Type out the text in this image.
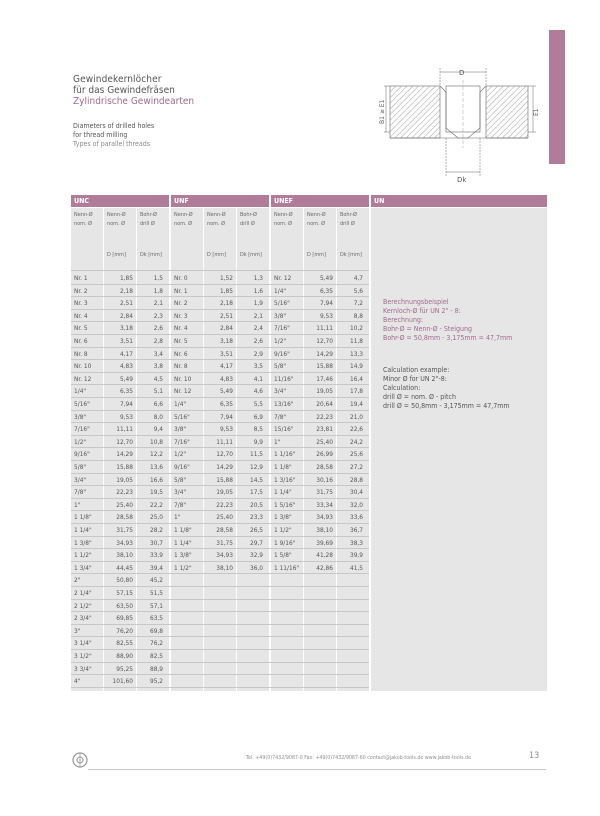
Gewindekernlöcher
für das Gewindefräsen
Zylindrische Gewindearten
Diameters of drilled holes
for thread milling
Types of parallel threads
D
B1 ≥ E1	E1
Dk
UNC	UNF	UNEF	UN
Nenn-Ø
nom. Ø
Nenn-Ø
nom. Ø
Bohr-Ø
drill Ø
Nenn-Ø
nom. Ø
Nenn-Ø
nom. Ø
Bohr-Ø
drill Ø
Nenn-Ø
nom. Ø
Nenn-Ø
nom. Ø
Bohr-Ø
drill Ø
D [mm]	Dk [mm]	D [mm]	Dk [mm]	D [mm]	Dk [mm]
Berechnungsbeispiel
Kernloch-Ø für UN 2" - 8:
Berechnung:
Bohr-Ø = Nenn-Ø - Steigung
Bohr-Ø = 50,8mm - 3,175mm = 47,7mm
Calculation example:
Minor Ø for UN 2"-8:
Calculation:
drill Ø = nom. Ø - pitch
drill Ø = 50,8mm - 3,175mm = 47,7mm
Nr. 1	1,85	1,5
Nr. 2	2,18	1,8
Nr. 3	2,51	2,1
Nr. 4	2,84	2,3
Nr. 5	3,18	2,6
Nr. 6	3,51	2,8
Nr. 8	4,17	3,4
Nr. 10	4,83	3,8
Nr. 12	5,49	4,5
1/4"	6,35	5,1
5/16"	7,94	6,6
3/8"	9,53	8,0
7/16"	11,11	9,4
1/2"	12,70	10,8
9/16"	14,29	12,2
5/8"	15,88	13,6
3/4"	19,05	16,6
7/8"	22,23	19,5
1"	25,40	22,2
1 1/8"	28,58	25,0
1 1/4"	31,75	28,2
1 3/8"	34,93	30,7
1 1/2"	38,10	33,9
1 3/4"	44,45	39,4
2"	50,80	45,2
2 1/4"	57,15	51,5
2 1/2"	63,50	57,1
2 3/4"	69,85	63,5
3"	76,20	69,8
3 1/4"	82,55	76,2
3 1/2"	88,90	82,5
3 3/4"	95,25	88,9
4"	101,60	95,2
Nr. 0	1,52	1,3
Nr. 1	1,85	1,6
Nr. 2	2,18	1,9
Nr. 3	2,51	2,1
Nr. 4	2,84	2,4
Nr. 5	3,18	2,6
Nr. 6	3,51	2,9
Nr. 8	4,17	3,5
Nr. 10	4,83	4,1
Nr. 12	5,49	4,6
1/4"	6,35	5,5
5/16"	7,94	6,9
3/8"	9,53	8,5
7/16"	11,11	9,9
1/2"	12,70	11,5
9/16"	14,29	12,9
5/8"	15,88	14,5
3/4"	19,05	17,5
7/8"	22,23	20,5
1"	25,40	23,3
1 1/8"	28,58	26,5
1 1/4"	31,75	29,7
1 3/8"	34,93	32,9
1 1/2"	38,10	36,0
Nr. 12	5,49	4,7
1/4"	6,35	5,6
5/16"	7,94	7,2
3/8"	9,53	8,8
7/16"	11,11	10,2
1/2"	12,70	11,8
9/16"	14,29	13,3
5/8"	15,88	14,9
11/16"	17,46	16,4
3/4"	19,05	17,8
13/16"	20,64	19,4
7/8"	22,23	21,0
15/16"	23,81	22,6
1"	25,40	24,2
1 1/16"	26,99	25,6
1 1/8"	28,58	27,2
1 3/16"	30,16	28,8
1 1/4"	31,75	30,4
1 5/16"	33,34	32,0
1 3/8"	34,93	33,6
1 1/2"	38,10	36,7
1 9/16"	39,69	38,3
1 5/8"	41,28	39,9
1 11/16"	42,86	41,5
Tel. +49(0)7432/9087-0 Fax: +49(0)7432/9087-60 contact@jakob-tools.de www.jakob-tools.de	13
